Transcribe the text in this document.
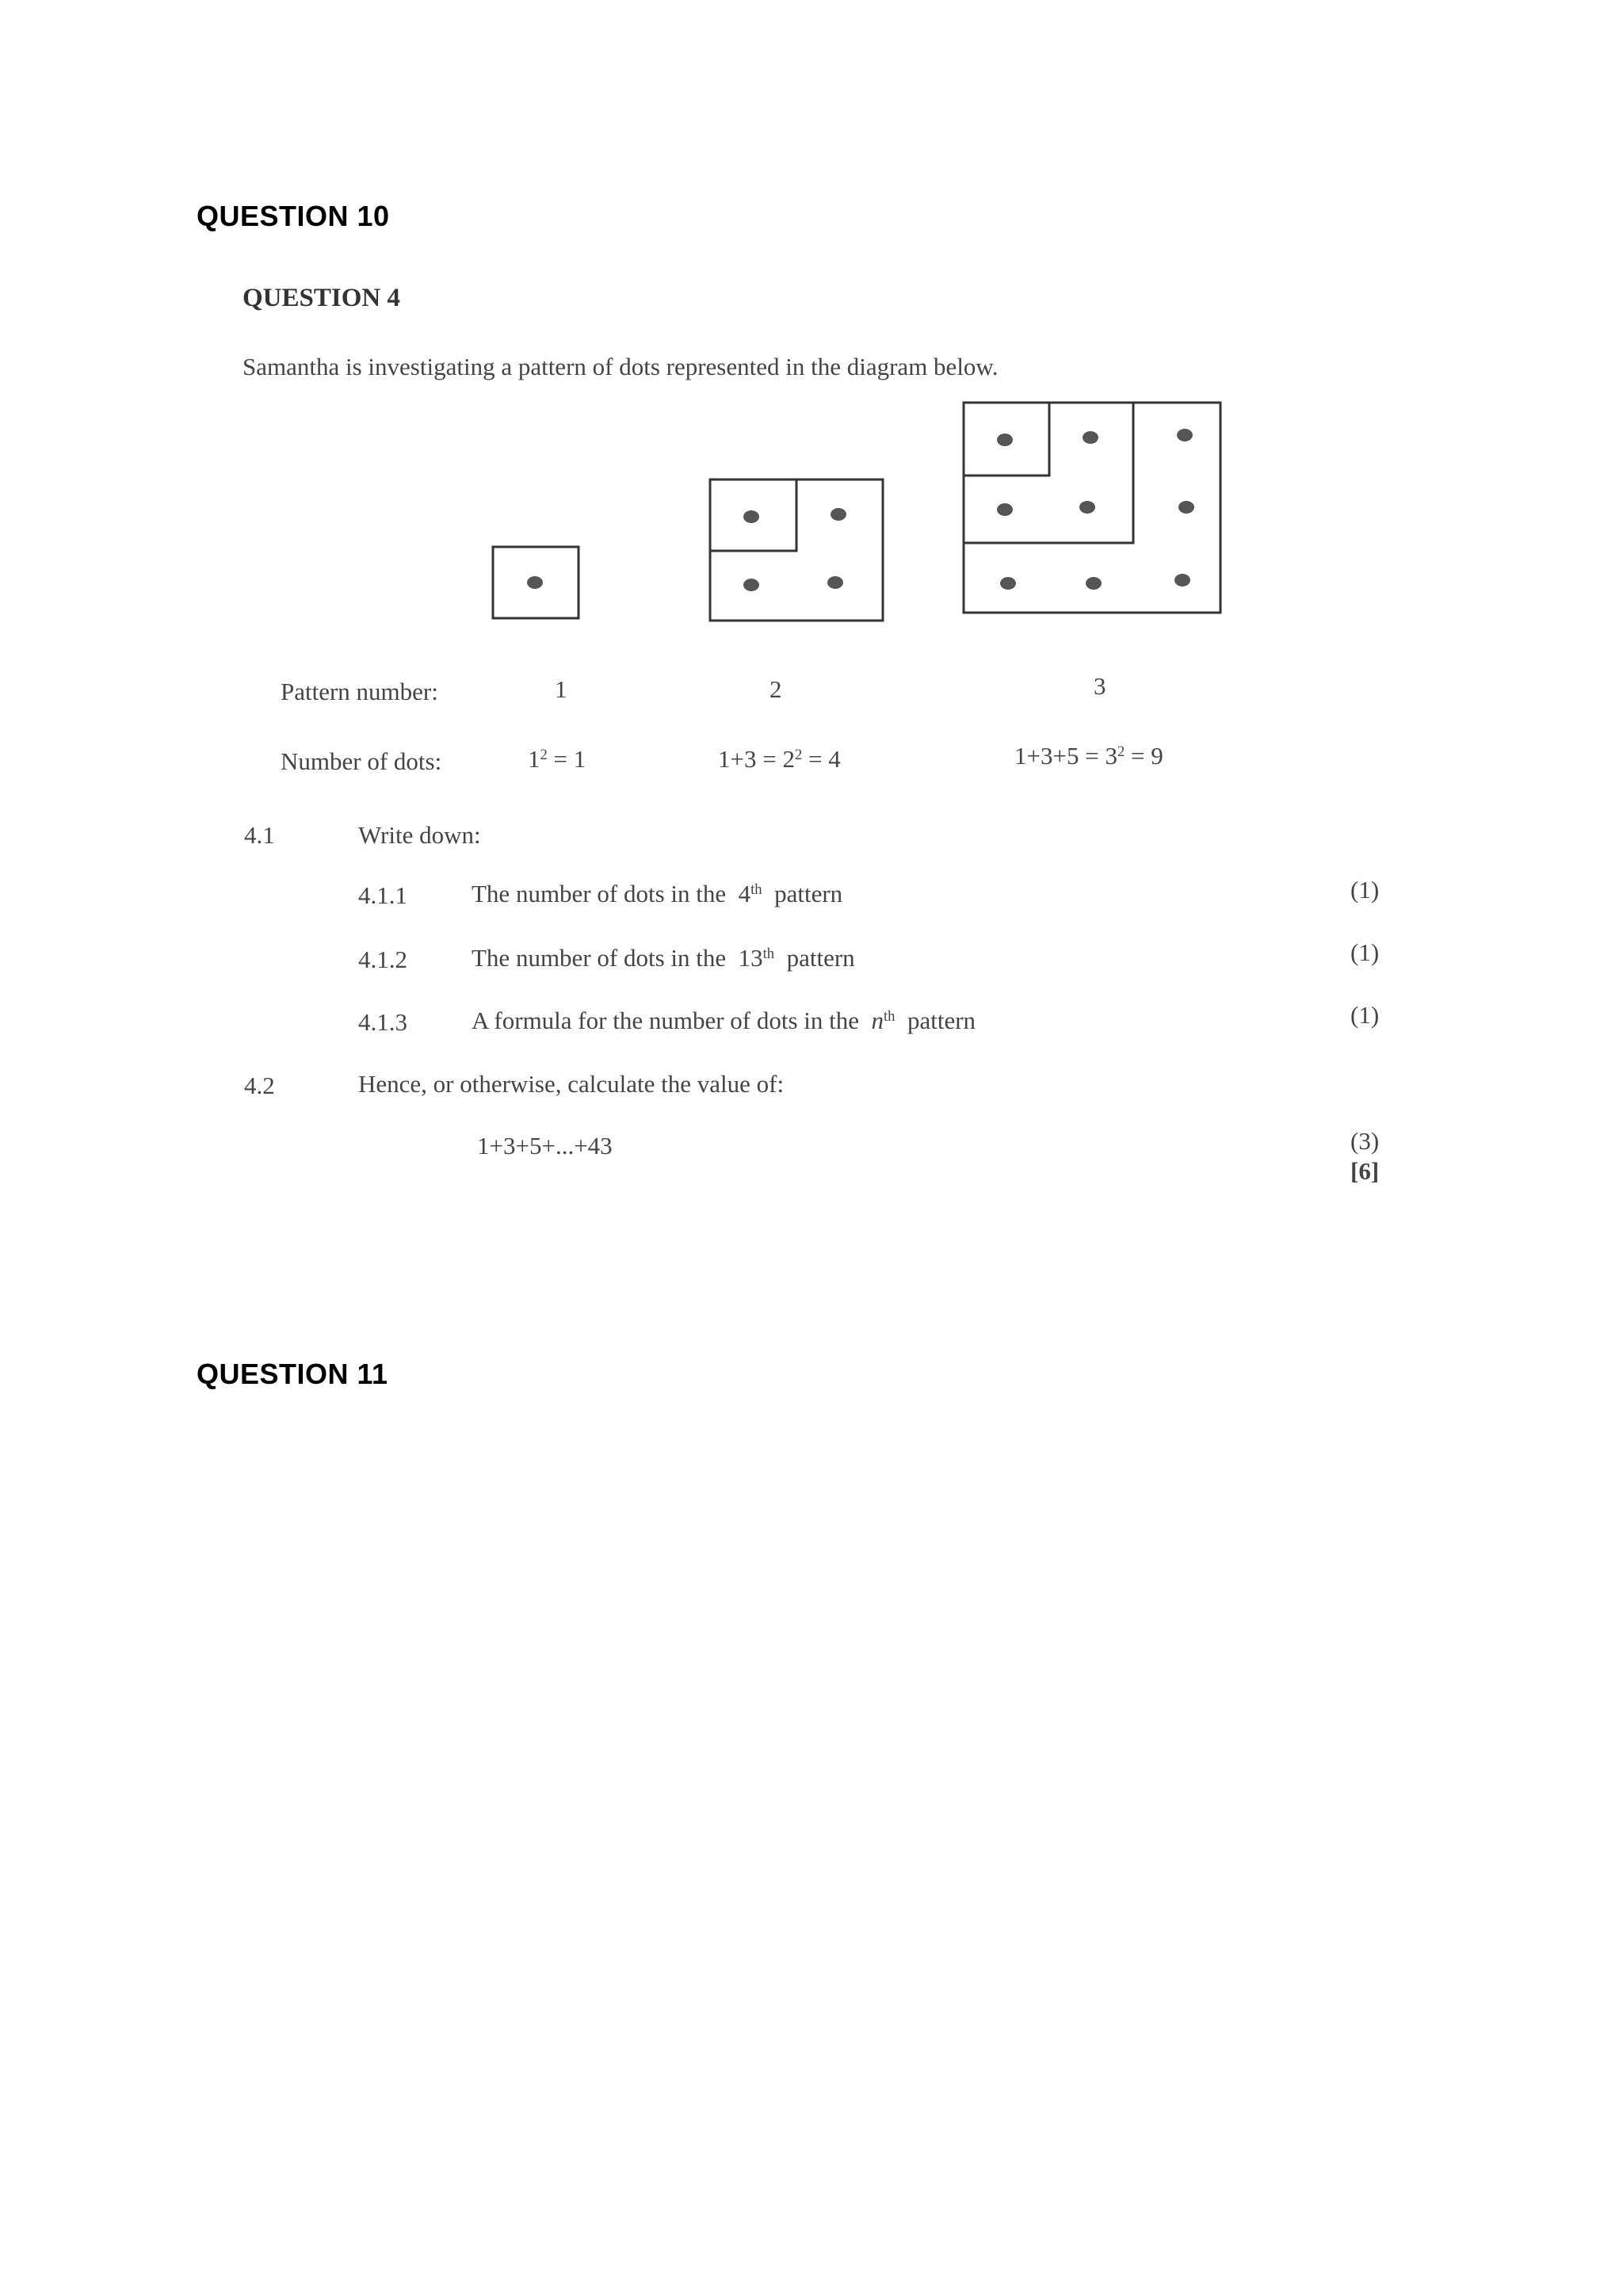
QUESTION 10
QUESTION 4
Samantha is investigating a pattern of dots represented in the diagram below.
Pattern number:	1	2	3
Number of dots:	$1^2 = 1$	$1+3 = 2^2 = 4$	$1+3+5 = 3^2 = 9$
4.1	Write down:
4.1.1	The number of dots in the 4th pattern	(1)
4.1.2	The number of dots in the 13th pattern	(1)
4.1.3	A formula for the number of dots in the $n^{th}$ pattern	(1)
4.2	Hence, or otherwise, calculate the value of:
1+3+5+...+43	(3)
[6]
QUESTION 11
